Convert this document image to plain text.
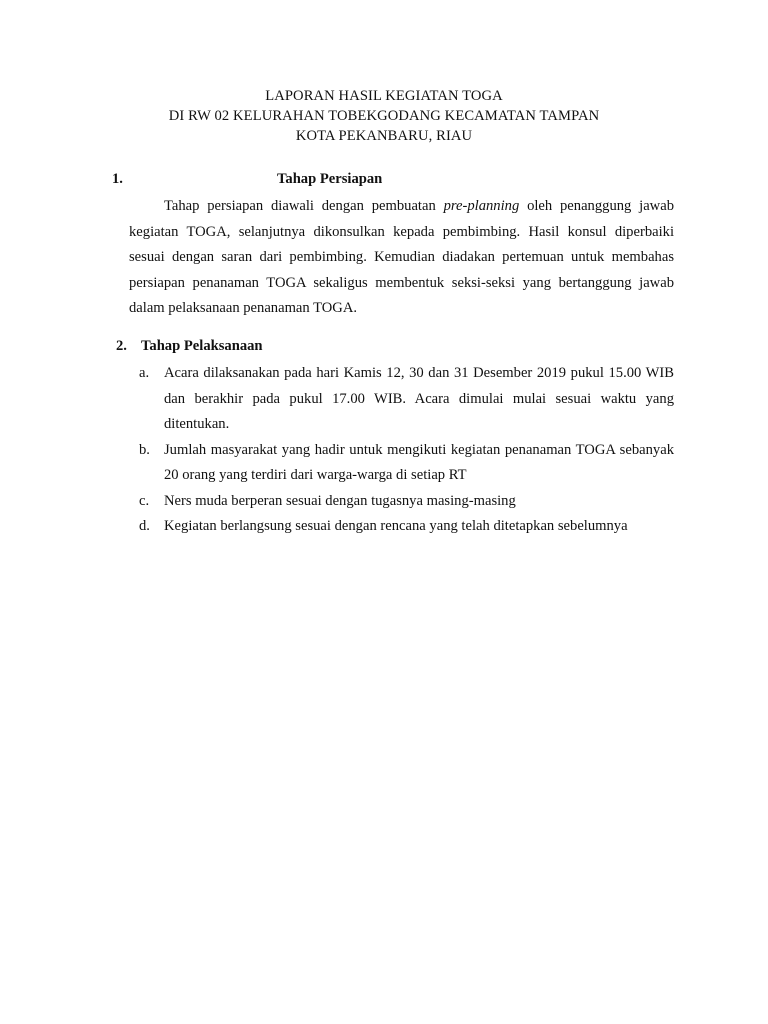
LAPORAN HASIL KEGIATAN TOGA
DI RW 02 KELURAHAN TOBEKGODANG KECAMATAN TAMPAN
KOTA PEKANBARU, RIAU
1.	Tahap Persiapan

Tahap persiapan diawali dengan pembuatan pre-planning oleh penanggung jawab kegiatan TOGA, selanjutnya dikonsulkan kepada pembimbing. Hasil konsul diperbaiki sesuai dengan saran dari pembimbing. Kemudian diadakan pertemuan untuk membahas persiapan penanaman TOGA sekaligus membentuk seksi-seksi yang bertanggung jawab dalam pelaksanaan penanaman TOGA.

2. Tahap Pelaksanaan
a. Acara dilaksanakan pada hari Kamis 12, 30 dan 31 Desember 2019 pukul 15.00 WIB dan berakhir pada pukul 17.00 WIB. Acara dimulai mulai sesuai waktu yang ditentukan.
b. Jumlah masyarakat yang hadir untuk mengikuti kegiatan penanaman TOGA sebanyak 20 orang yang terdiri dari warga-warga di setiap RT
c. Ners muda berperan sesuai dengan tugasnya masing-masing
d. Kegiatan berlangsung sesuai dengan rencana yang telah ditetapkan sebelumnya
